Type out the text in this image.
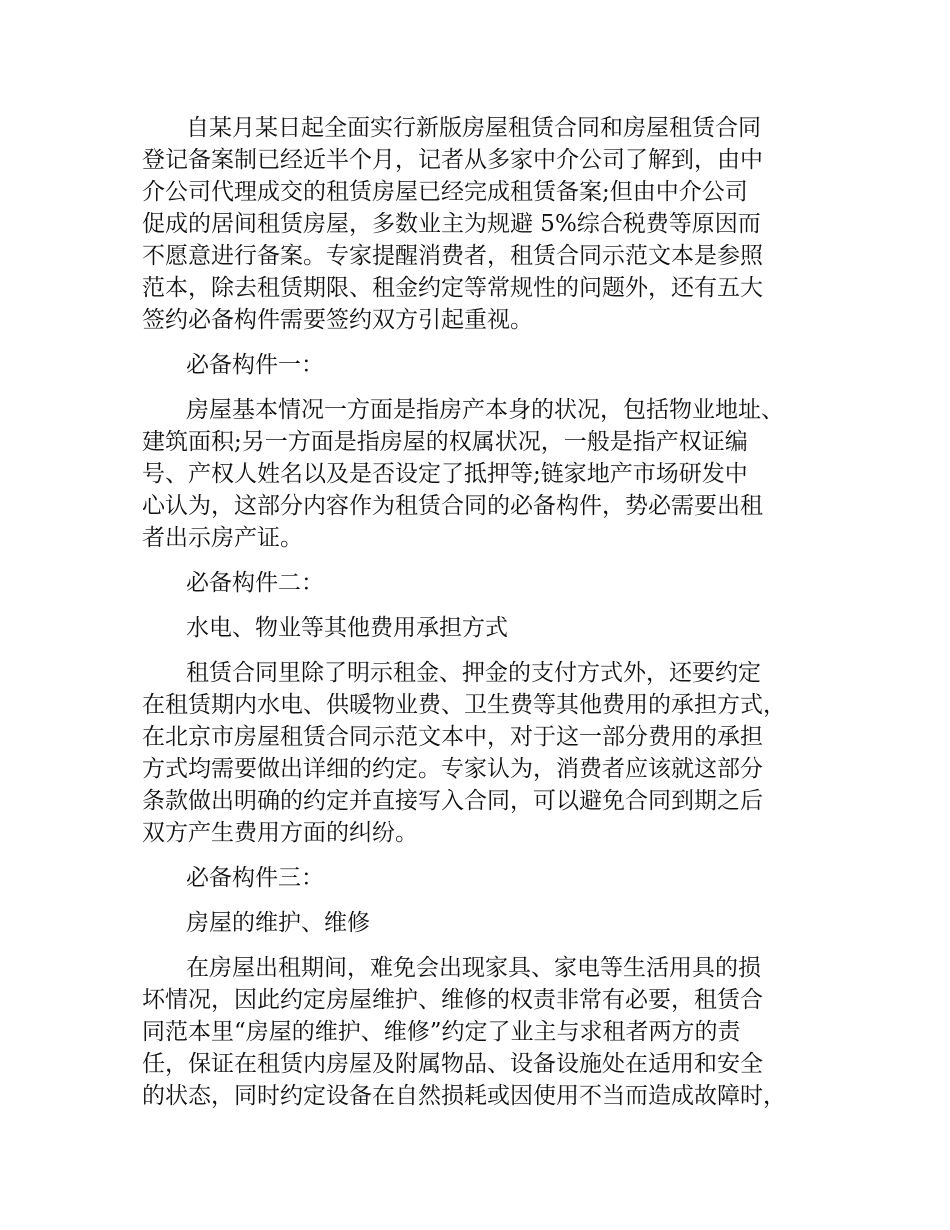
自某月某日起全面实行新版房屋租赁合同和房屋租赁合同
登记备案制已经近半个月，记者从多家中介公司了解到，由中
介公司代理成交的租赁房屋已经完成租赁备案;但由中介公司
促成的居间租赁房屋，多数业主为规避 5%综合税费等原因而
不愿意进行备案。专家提醒消费者，租赁合同示范文本是参照
范本，除去租赁期限、租金约定等常规性的问题外，还有五大
签约必备构件需要签约双方引起重视。

必备构件一：

房屋基本情况一方面是指房产本身的状况，包括物业地址、
建筑面积;另一方面是指房屋的权属状况，一般是指产权证编
号、产权人姓名以及是否设定了抵押等;链家地产市场研发中
心认为，这部分内容作为租赁合同的必备构件，势必需要出租
者出示房产证。

必备构件二：

水电、物业等其他费用承担方式

租赁合同里除了明示租金、押金的支付方式外，还要约定
在租赁期内水电、供暖物业费、卫生费等其他费用的承担方式，
在北京市房屋租赁合同示范文本中，对于这一部分费用的承担
方式均需要做出详细的约定。专家认为，消费者应该就这部分
条款做出明确的约定并直接写入合同，可以避免合同到期之后
双方产生费用方面的纠纷。

必备构件三：

房屋的维护、维修

在房屋出租期间，难免会出现家具、家电等生活用具的损
坏情况，因此约定房屋维护、维修的权责非常有必要，租赁合
同范本里“房屋的维护、维修”约定了业主与求租者两方的责
任，保证在租赁内房屋及附属物品、设备设施处在适用和安全
的状态，同时约定设备在自然损耗或因使用不当而造成故障时，
